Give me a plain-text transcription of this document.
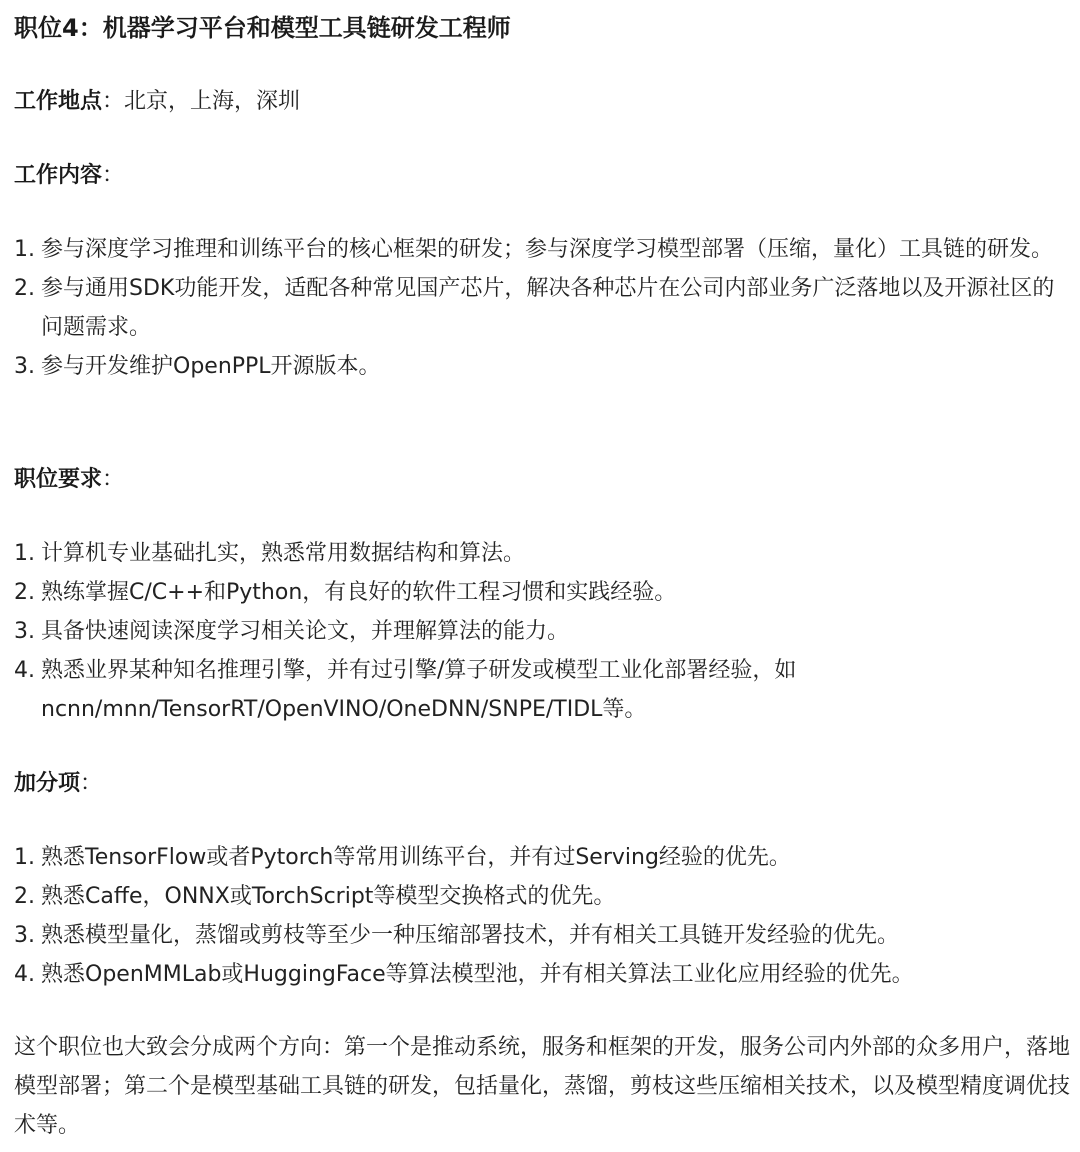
职位4：机器学习平台和模型工具链研发工程师

工作地点：北京，上海，深圳

工作内容：

1. 参与深度学习推理和训练平台的核心框架的研发；参与深度学习模型部署（压缩，量化）工具链的研发。
2. 参与通用SDK功能开发，适配各种常见国产芯片，解决各种芯片在公司内部业务广泛落地以及开源社区的问题需求。
3. 参与开发维护OpenPPL开源版本。

职位要求：

1. 计算机专业基础扎实，熟悉常用数据结构和算法。
2. 熟练掌握C/C++和Python，有良好的软件工程习惯和实践经验。
3. 具备快速阅读深度学习相关论文，并理解算法的能力。
4. 熟悉业界某种知名推理引擎，并有过引擎/算子研发或模型工业化部署经验，如ncnn/mnn/TensorRT/OpenVINO/OneDNN/SNPE/TIDL等。

加分项：

1. 熟悉TensorFlow或者Pytorch等常用训练平台，并有过Serving经验的优先。
2. 熟悉Caffe，ONNX或TorchScript等模型交换格式的优先。
3. 熟悉模型量化，蒸馏或剪枝等至少一种压缩部署技术，并有相关工具链开发经验的优先。
4. 熟悉OpenMMLab或HuggingFace等算法模型池，并有相关算法工业化应用经验的优先。

这个职位也大致会分成两个方向：第一个是推动系统，服务和框架的开发，服务公司内外部的众多用户，落地模型部署；第二个是模型基础工具链的研发，包括量化，蒸馏，剪枝这些压缩相关技术，以及模型精度调优技术等。
